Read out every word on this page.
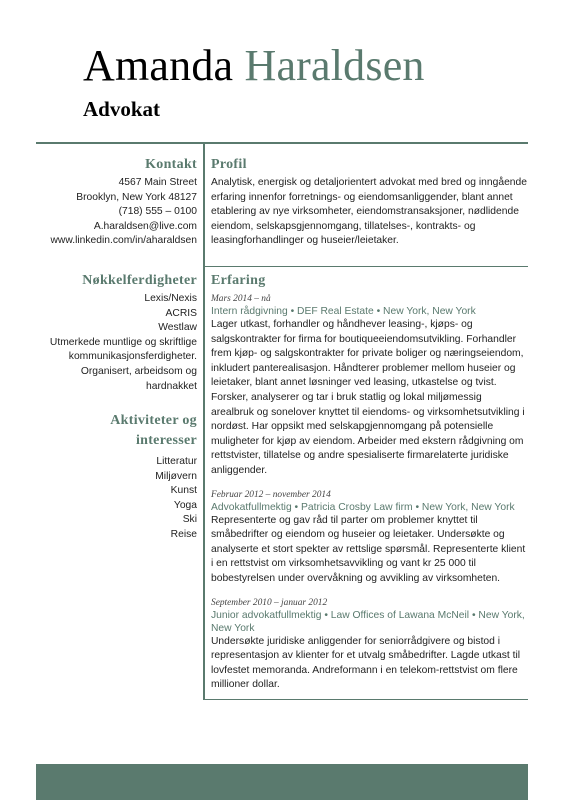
Amanda Haraldsen
Advokat
Kontakt
4567 Main Street
Brooklyn, New York 48127
(718) 555 – 0100
A.haraldsen@live.com
www.linkedin.com/in/aharaldsen
Nøkkelferdigheter
Lexis/Nexis
ACRIS
Westlaw
Utmerkede muntlige og skriftlige
kommunikasjonsferdigheter.
Organisert, arbeidsom og
hardnakket
Aktiviteter og
interesser
Litteratur
Miljøvern
Kunst
Yoga
Ski
Reise
Profil
Analytisk, energisk og detaljorientert advokat med bred og inngående erfaring innenfor forretnings- og eiendomsanliggender, blant annet etablering av nye virksomheter, eiendomstransaksjoner, nødlidende eiendom, selskapsgjennomgang, tillatelses-, kontrakts- og leasingforhandlinger og huseier/leietaker.
Erfaring
Mars 2014 – nå
Intern rådgivning • DEF Real Estate • New York, New York
Lager utkast, forhandler og håndhever leasing-, kjøps- og salgskontrakter for firma for boutiqueeiendomsutvikling. Forhandler frem kjøp- og salgskontrakter for private boliger og næringseiendom, inkludert panterealisasjon. Håndterer problemer mellom huseier og leietaker, blant annet løsninger ved leasing, utkastelse og tvist. Forsker, analyserer og tar i bruk statlig og lokal miljømessig arealbruk og sonelover knyttet til eiendoms- og virksomhetsutvikling i nordøst. Har oppsikt med selskapgjennomgang på potensielle muligheter for kjøp av eiendom. Arbeider med ekstern rådgivning om rettstvister, tillatelse og andre spesialiserte firmarelaterte juridiske anliggender.
Februar 2012 – november 2014
Advokatfullmektig • Patricia Crosby Law firm • New York, New York
Representerte og gav råd til parter om problemer knyttet til småbedrifter og eiendom og huseier og leietaker. Undersøkte og analyserte et stort spekter av rettslige spørsmål. Representerte klient i en rettstvist om virksomhetsavvikling og vant kr 25 000 til bobestyrelsen under overvåkning og avvikling av virksomheten.
September 2010 – januar 2012
Junior advokatfullmektig • Law Offices of Lawana McNeil • New York, New York
Undersøkte juridiske anliggender for seniorrådgivere og bistod i representasjon av klienter for et utvalg småbedrifter. Lagde utkast til lovfestet memoranda. Andreformann i en telekom-rettstvist om flere millioner dollar.
